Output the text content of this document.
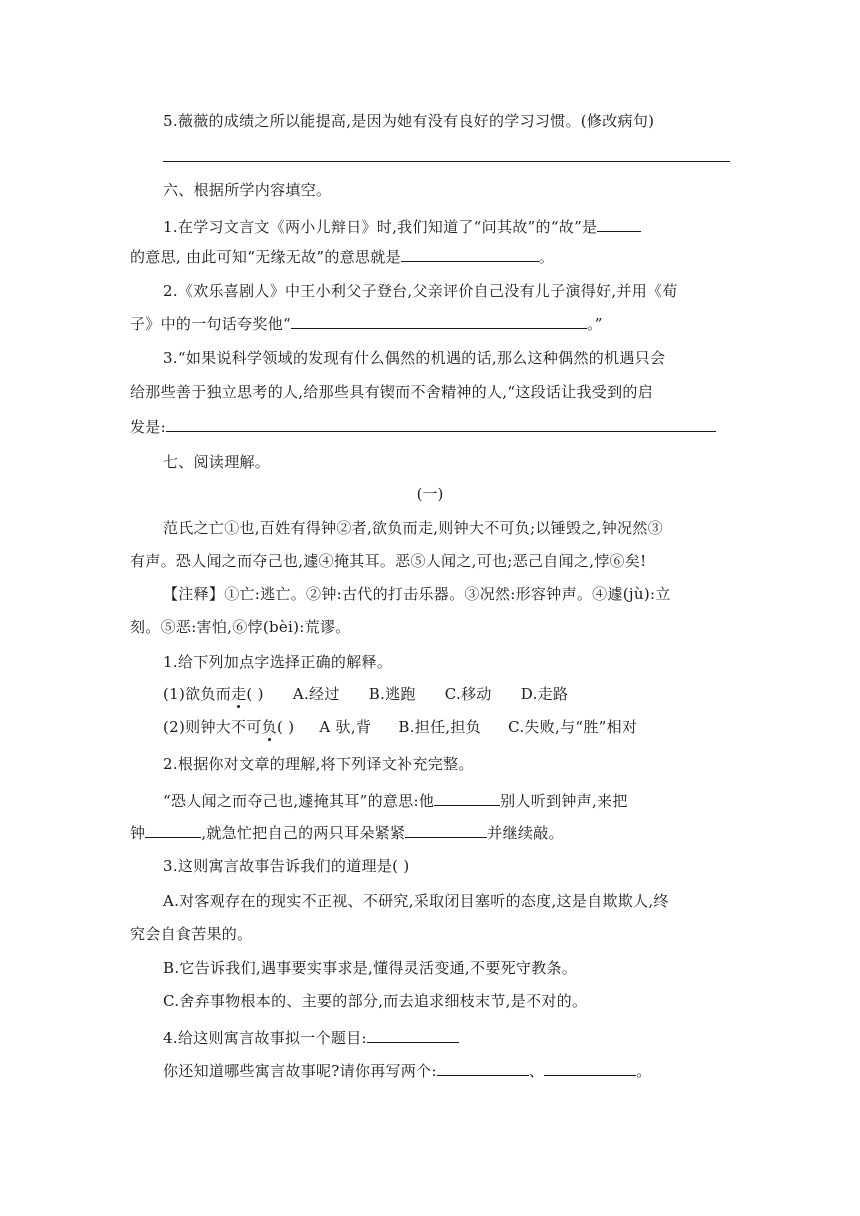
5.薇薇的成绩之所以能提高,是因为她有没有良好的学习习惯。(修改病句)
六、根据所学内容填空。
1.在学习文言文《两小儿辩日》时,我们知道了“问其故”的“故”是
的意思, 由此可知“无缘无故”的意思就是	。
2.《欢乐喜剧人》中王小利父子登台,父亲评价自己没有儿子演得好,并用《荀
子》中的一句话夸奖他“	。”
3.“如果说科学领域的发现有什么偶然的机遇的话,那么这种偶然的机遇只会
给那些善于独立思考的人,给那些具有锲而不舍精神的人,“这段话让我受到的启
发是:
七、阅读理解。
(一)
范氏之亡①也,百姓有得钟②者,欲负而走,则钟大不可负;以锤毁之,钟况然③
有声。恐人闻之而夺己也,遽④掩其耳。恶⑤人闻之,可也;恶己自闻之,悖⑥矣!
【注释】①亡:逃亡。②钟:古代的打击乐器。③况然:形容钟声。④遽(jù):立
刻。⑤恶:害怕,⑥悖(bèi):荒谬。
1.给下列加点字选择正确的解释。
(1)欲负而走( ) A.经过 B.逃跑 C.移动 D.走路
(2)则钟大不可负( ) A 驮,背 B.担任,担负 C.失败,与“胜”相对
2.根据你对文章的理解,将下列译文补充完整。
“恐人闻之而夺己也,遽掩其耳”的意思:他	别人听到钟声,来把
钟	,就急忙把自己的两只耳朵紧紧	并继续敲。
3.这则寓言故事告诉我们的道理是( )
A.对客观存在的现实不正视、不研究,采取闭目塞听的态度,这是自欺欺人,终
究会自食苦果的。
B.它告诉我们,遇事要实事求是,懂得灵活变通,不要死守教条。
C.舍弃事物根本的、主要的部分,而去追求细枝末节,是不对的。
4.给这则寓言故事拟一个题目:
你还知道哪些寓言故事呢?请你再写两个:	、	。
